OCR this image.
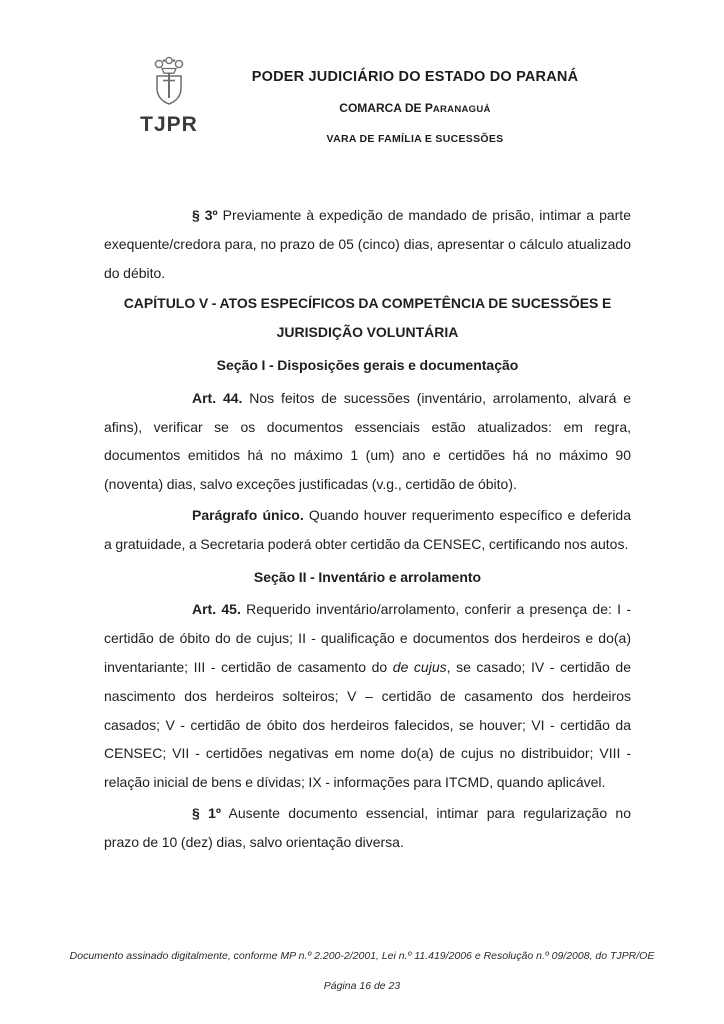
TJPR
PODER JUDICIÁRIO DO ESTADO DO PARANÁ
COMARCA DE PARANAGUÁ
VARA DE FAMÍLIA E SUCESSÕES

§ 3º Previamente à expedição de mandado de prisão, intimar a parte exequente/credora para, no prazo de 05 (cinco) dias, apresentar o cálculo atualizado do débito.

CAPÍTULO V - ATOS ESPECÍFICOS DA COMPETÊNCIA DE SUCESSÕES E JURISDIÇÃO VOLUNTÁRIA
Seção I - Disposições gerais e documentação

Art. 44. Nos feitos de sucessões (inventário, arrolamento, alvará e afins), verificar se os documentos essenciais estão atualizados: em regra, documentos emitidos há no máximo 1 (um) ano e certidões há no máximo 90 (noventa) dias, salvo exceções justificadas (v.g., certidão de óbito).

Parágrafo único. Quando houver requerimento específico e deferida a gratuidade, a Secretaria poderá obter certidão da CENSEC, certificando nos autos.

Seção II - Inventário e arrolamento

Art. 45. Requerido inventário/arrolamento, conferir a presença de: I - certidão de óbito do de cujus; II - qualificação e documentos dos herdeiros e do(a) inventariante; III - certidão de casamento do de cujus, se casado; IV - certidão de nascimento dos herdeiros solteiros; V – certidão de casamento dos herdeiros casados; V - certidão de óbito dos herdeiros falecidos, se houver; VI - certidão da CENSEC; VII - certidões negativas em nome do(a) de cujus no distribuidor; VIII - relação inicial de bens e dívidas; IX - informações para ITCMD, quando aplicável.

§ 1º Ausente documento essencial, intimar para regularização no prazo de 10 (dez) dias, salvo orientação diversa.

Documento assinado digitalmente, conforme MP n.º 2.200-2/2001, Lei n.º 11.419/2006 e Resolução n.º 09/2008, do TJPR/OE
Página 16 de 23
